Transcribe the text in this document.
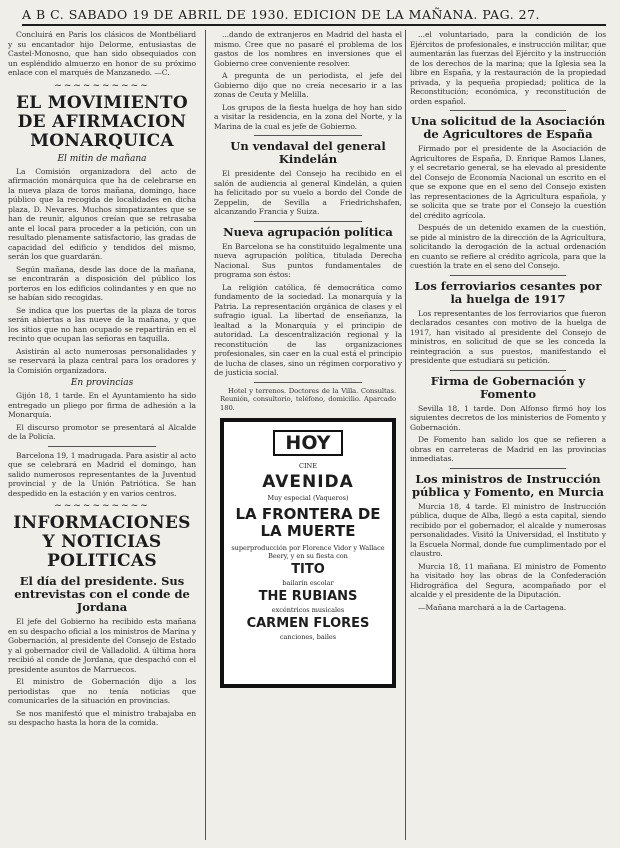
A B C. SABADO 19 DE ABRIL DE 1930. EDICION DE LA MAÑANA. PAG. 27.

Concluirá en París los clásicos de Montbéliard y su encantador hijo Delorme, entusiastas de Castel-Monosno, que han sido obsequiados con un espléndido almuerzo en honor de su próximo enlace con el marqués de Manzanedo. —C.

~~~~~~~~~~
EL MOVIMIENTO DE AFIRMACION MONARQUICA
El mitin de mañana

La Comisión organizadora del acto de afirmación monárquica que ha de celebrarse en la nueva plaza de toros mañana, domingo, hace público que la recogida de localidades en dicha plaza, D. Nevares. Muchos simpatizantes que se han de reunir, algunos creían que se retrasaba ante el local para proceder a la petición, con un resultado plenamente satisfactorio, las gradas de capacidad del edificio y tendidos del mismo, serán los que guardarán.

Según mañana, desde las doce de la mañana, se encontrarán a disposición del público los porteros en los edificios colindantes y en que no se habían sido recogidas.

Se indica que los puertas de la plaza de toros serán abiertas a las nueve de la mañana, y que los sitios que no han ocupado se repartirán en el recinto que ocupan las señoras en taquilla.

Asistirán al acto numerosas personalidades y se reservará la plaza central para los oradores y la Comisión organizadora.

En provincias

Gijón 18, 1 tarde. En el Ayuntamiento ha sido entregado un pliego por firma de adhesión a la Monarquía.

El discurso promotor se presentará al Alcalde de la Policía.

Barcelona 19, 1 madrugada. Para asistir al acto que se celebrará en Madrid el domingo, han salido numerosos representantes de la Juventud provincial y de la Unión Patriótica. Se han despedido en la estación y en varios centros.

~~~~~~~~~~
INFORMACIONES Y NOTICIAS POLITICAS
El día del presidente. Sus entrevistas con el conde de Jordana

El jefe del Gobierno ha recibido esta mañana en su despacho oficial a los ministros de Marina y Gobernación, al presidente del Consejo de Estado y al gobernador civil de Valladolid. A última hora recibió al conde de Jordana, que despachó con el presidente asuntos de Marruecos.

El ministro de Gobernación dijo a los periodistas que no tenía noticias que comunicarles de la situación en provincias.

Se nos manifestó que el ministro trabajaba en su despacho hasta la hora de la comida.

...dando de extranjeros en Madrid del hasta el mismo. Cree que no pasaré el problema de los gastos de los nombres en inversiones que el Gobierno cree conveniente resolver.

A pregunta de un periodista, el jefe del Gobierno dijo que no creía necesario ir a las zonas de Ceuta y Melilla.

Los grupos de la fiesta huelga de hoy han sido a visitar la residencia, en la zona del Norte, y la Marina de la cual es jefe de Gobierno.

Un vendaval del general Kindelán

El presidente del Consejo ha recibido en el salón de audiencia al general Kindelán, a quien ha felicitado por su vuelo a bordo del Conde de Zeppelin, de Sevilla a Friedrichshafen, alcanzando Francia y Suiza.

Nueva agrupación política

En Barcelona se ha constituido legalmente una nueva agrupación política, titulada Derecha Nacional. Sus puntos fundamentales de programa son éstos:

La religión católica, fé democrática como fundamento de la sociedad. La monarquía y la Patria. La representación orgánica de clases y el sufragio igual. La libertad de enseñanza, la lealtad a la Monarquía y el principio de autoridad. La descentralización regional y la reconstitución de las organizaciones profesionales, sin caer en la cual está el principio de lucha de clases, sino un régimen corporativo y de justicia social.

Hotel y terrenos. Doctores de la Villa. Consultas. Reunión, consultorio, teléfono, domicilio. Aparcado 180.

HOY
CINE
AVENIDA
Muy especial (Vaqueros)
LA FRONTERA DE LA MUERTE
superproducción por Florence Vidor y Wallace Beery, y en su fiesta con
TITO
bailarín escolar
THE RUBIANS
excéntricos musicales
CARMEN FLORES
canciones, bailes

...el voluntariado, para la condición de los Ejércitos de profesionales, e instrucción militar, que aumentarán las fuerzas del Ejército y la instrucción de los derechos de la marina; que la Iglesia sea la libre en España, y la restauración de la propiedad privada, y la pequeña propiedad; politica de la Reconstitución; económica, y reconstitución de orden español.

Una solicitud de la Asociación de Agricultores de España

Firmado por el presidente de la Asociación de Agricultores de España, D. Enrique Ramos Llanes, y el secretario general, se ha elevado al presidente del Consejo de Economía Nacional un escrito en el que se expone que en el seno del Consejo existen las representaciones de la Agricultura española, y se solicita que se trate por el Consejo la cuestión del crédito agrícola.

Después de un detenido examen de la cuestión, se pide al ministro de la dirección de la Agricultura, solicitando la derogación de la actual ordenación en cuanto se refiere al crédito agrícola, para que la cuestión la trate en el seno del Consejo.

Los ferroviarios cesantes por la huelga de 1917

Los representantes de los ferroviarios que fueron declarados cesantes con motivo de la huelga de 1917, han visitado al presidente del Consejo de ministros, en solicitud de que se les conceda la reintegración a sus puestos, manifestando el presidente que estudiará su petición.

Firma de Gobernación y Fomento

Sevilla 18, 1 tarde. Don Alfonso firmó hoy los siguientes decretos de los ministerios de Fomento y Gobernación.

De Fomento han salido los que se refieren a obras en carreteras de Madrid en las provincias inmediatas.

Los ministros de Instrucción pública y Fomento, en Murcia

Murcia 18, 4 tarde. El ministro de Instrucción pública, duque de Alba, llegó a esta capital, siendo recibido por el gobernador, el alcalde y numerosas personalidades. Visitó la Universidad, el Instituto y la Escuela Normal, donde fue cumplimentado por el claustro.

Murcia 18, 11 mañana. El ministro de Fomento ha visitado hoy las obras de la Confederación Hidrográfica del Segura, acompañado por el alcalde y el presidente de la Diputación.

—Mañana marchará a la de Cartagena.
